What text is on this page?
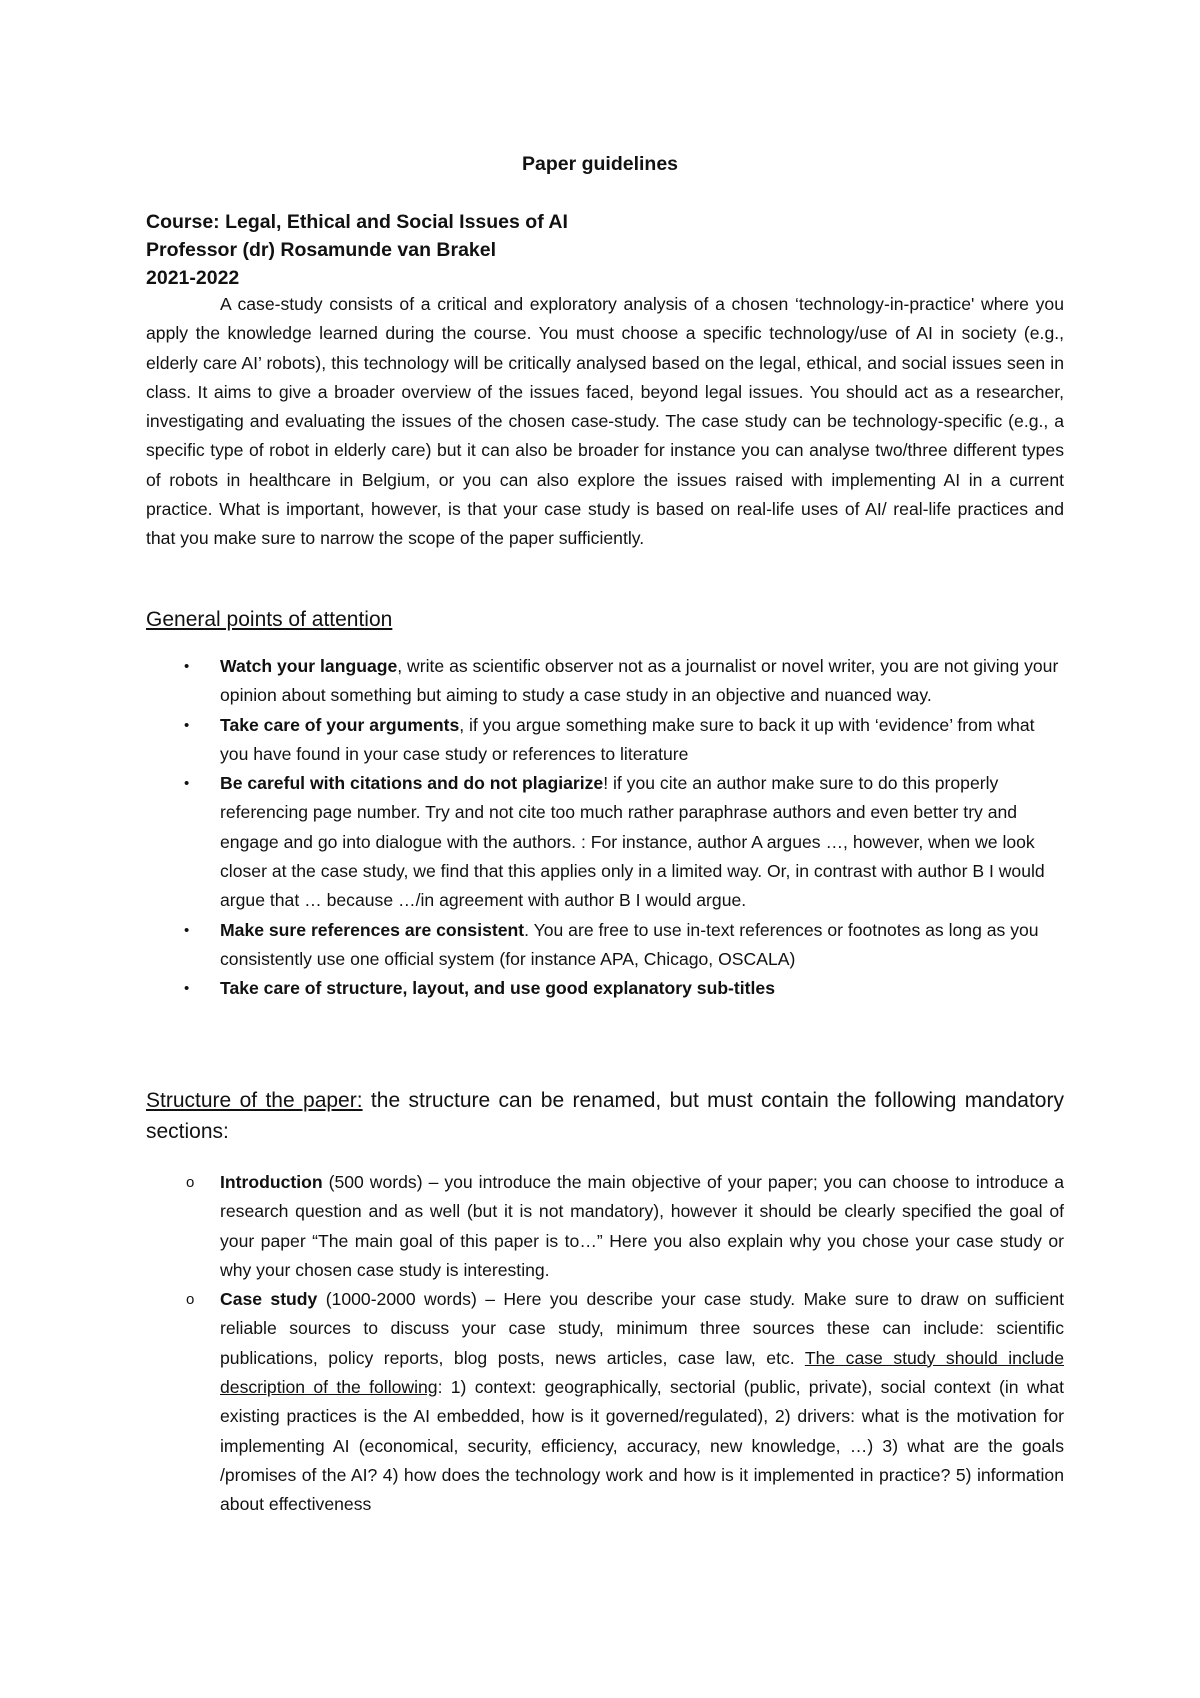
Paper guidelines
Course: Legal, Ethical and Social Issues of AI
Professor (dr) Rosamunde van Brakel
2021-2022

A case-study consists of a critical and exploratory analysis of a chosen ‘technology-in-practice' where you apply the knowledge learned during the course. You must choose a specific technology/use of AI in society (e.g., elderly care AI’ robots), this technology will be critically analysed based on the legal, ethical, and social issues seen in class. It aims to give a broader overview of the issues faced, beyond legal issues. You should act as a researcher, investigating and evaluating the issues of the chosen case-study. The case study can be technology-specific (e.g., a specific type of robot in elderly care) but it can also be broader for instance you can analyse two/three different types of robots in healthcare in Belgium, or you can also explore the issues raised with implementing AI in a current practice. What is important, however, is that your case study is based on real-life uses of AI/ real-life practices and that you make sure to narrow the scope of the paper sufficiently.

General points of attention
• Watch your language, write as scientific observer not as a journalist or novel writer, you are not giving your opinion about something but aiming to study a case study in an objective and nuanced way.
• Take care of your arguments, if you argue something make sure to back it up with ‘evidence’ from what you have found in your case study or references to literature
• Be careful with citations and do not plagiarize! if you cite an author make sure to do this properly referencing page number. Try and not cite too much rather paraphrase authors and even better try and engage and go into dialogue with the authors. : For instance, author A argues …, however, when we look closer at the case study, we find that this applies only in a limited way. Or, in contrast with author B I would argue that … because …/in agreement with author B I would argue.
• Make sure references are consistent. You are free to use in-text references or footnotes as long as you consistently use one official system (for instance APA, Chicago, OSCALA)
• Take care of structure, layout, and use good explanatory sub-titles

Structure of the paper: the structure can be renamed, but must contain the following mandatory sections:

o Introduction (500 words) – you introduce the main objective of your paper; you can choose to introduce a research question and as well (but it is not mandatory), however it should be clearly specified the goal of your paper “The main goal of this paper is to…” Here you also explain why you chose your case study or why your chosen case study is interesting.
o Case study (1000-2000 words) – Here you describe your case study. Make sure to draw on sufficient reliable sources to discuss your case study, minimum three sources these can include: scientific publications, policy reports, blog posts, news articles, case law, etc. The case study should include description of the following: 1) context: geographically, sectorial (public, private), social context (in what existing practices is the AI embedded, how is it governed/regulated), 2) drivers: what is the motivation for implementing AI (economical, security, efficiency, accuracy, new knowledge, …) 3) what are the goals /promises of the AI? 4) how does the technology work and how is it implemented in practice? 5) information about effectiveness
